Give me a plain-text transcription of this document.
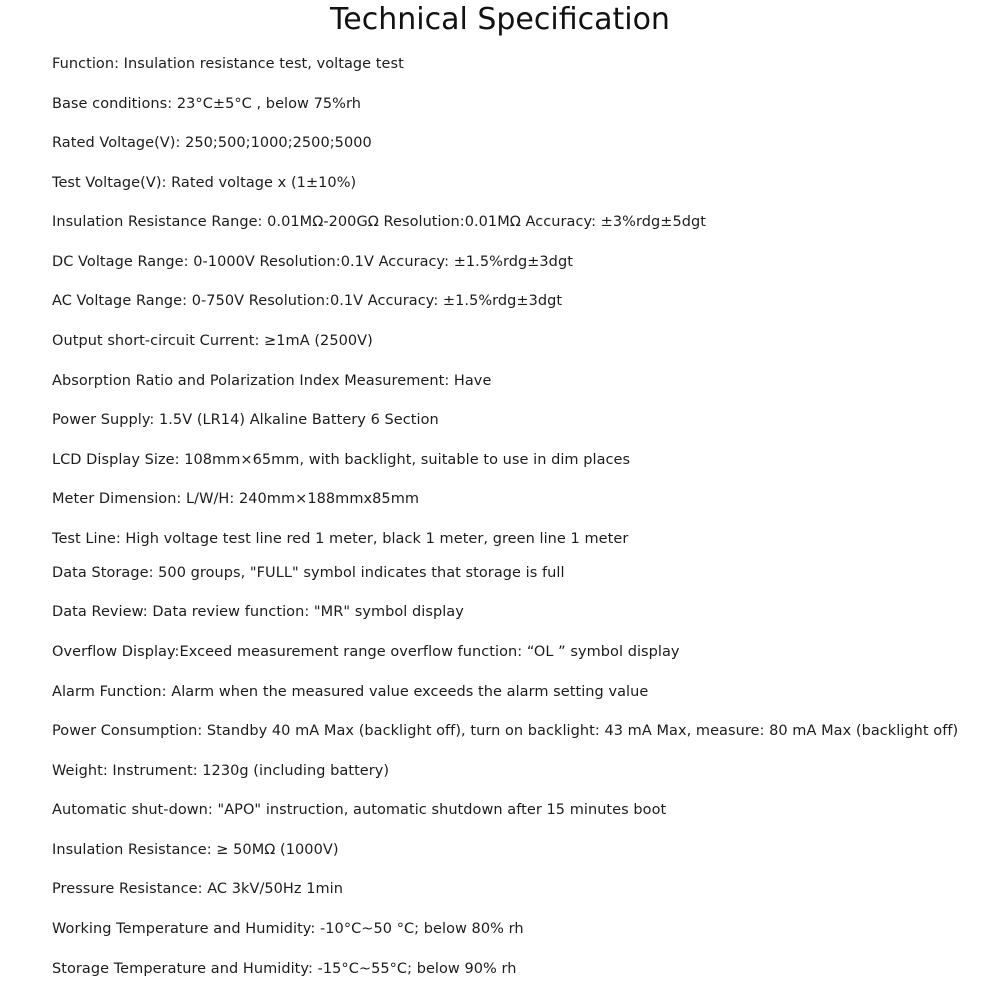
Technical Specification
Function: Insulation resistance test, voltage test
Base conditions: 23°C±5°C , below 75%rh
Rated Voltage(V): 250;500;1000;2500;5000
Test Voltage(V): Rated voltage x (1±10%)
Insulation Resistance Range: 0.01MΩ-200GΩ Resolution:0.01MΩ Accuracy: ±3%rdg±5dgt
DC Voltage Range: 0-1000V Resolution:0.1V Accuracy: ±1.5%rdg±3dgt
AC Voltage Range: 0-750V Resolution:0.1V Accuracy: ±1.5%rdg±3dgt
Output short-circuit Current: ≥1mA (2500V)
Absorption Ratio and Polarization Index Measurement: Have
Power Supply: 1.5V (LR14) Alkaline Battery 6 Section
LCD Display Size: 108mm×65mm, with backlight, suitable to use in dim places
Meter Dimension: L/W/H: 240mm×188mmx85mm
Test Line: High voltage test line red 1 meter, black 1 meter, green line 1 meter
Data Storage: 500 groups, "FULL" symbol indicates that storage is full
Data Review: Data review function: "MR" symbol display
Overflow Display:Exceed measurement range overflow function: “OL ” symbol display
Alarm Function: Alarm when the measured value exceeds the alarm setting value
Power Consumption: Standby 40 mA Max (backlight off), turn on backlight: 43 mA Max, measure: 80 mA Max (backlight off)
Weight: Instrument: 1230g (including battery)
Automatic shut-down: "APO" instruction, automatic shutdown after 15 minutes boot
Insulation Resistance: ≥ 50MΩ (1000V)
Pressure Resistance: AC 3kV/50Hz 1min
Working Temperature and Humidity: -10°C~50 °C; below 80% rh
Storage Temperature and Humidity: -15°C~55°C; below 90% rh
